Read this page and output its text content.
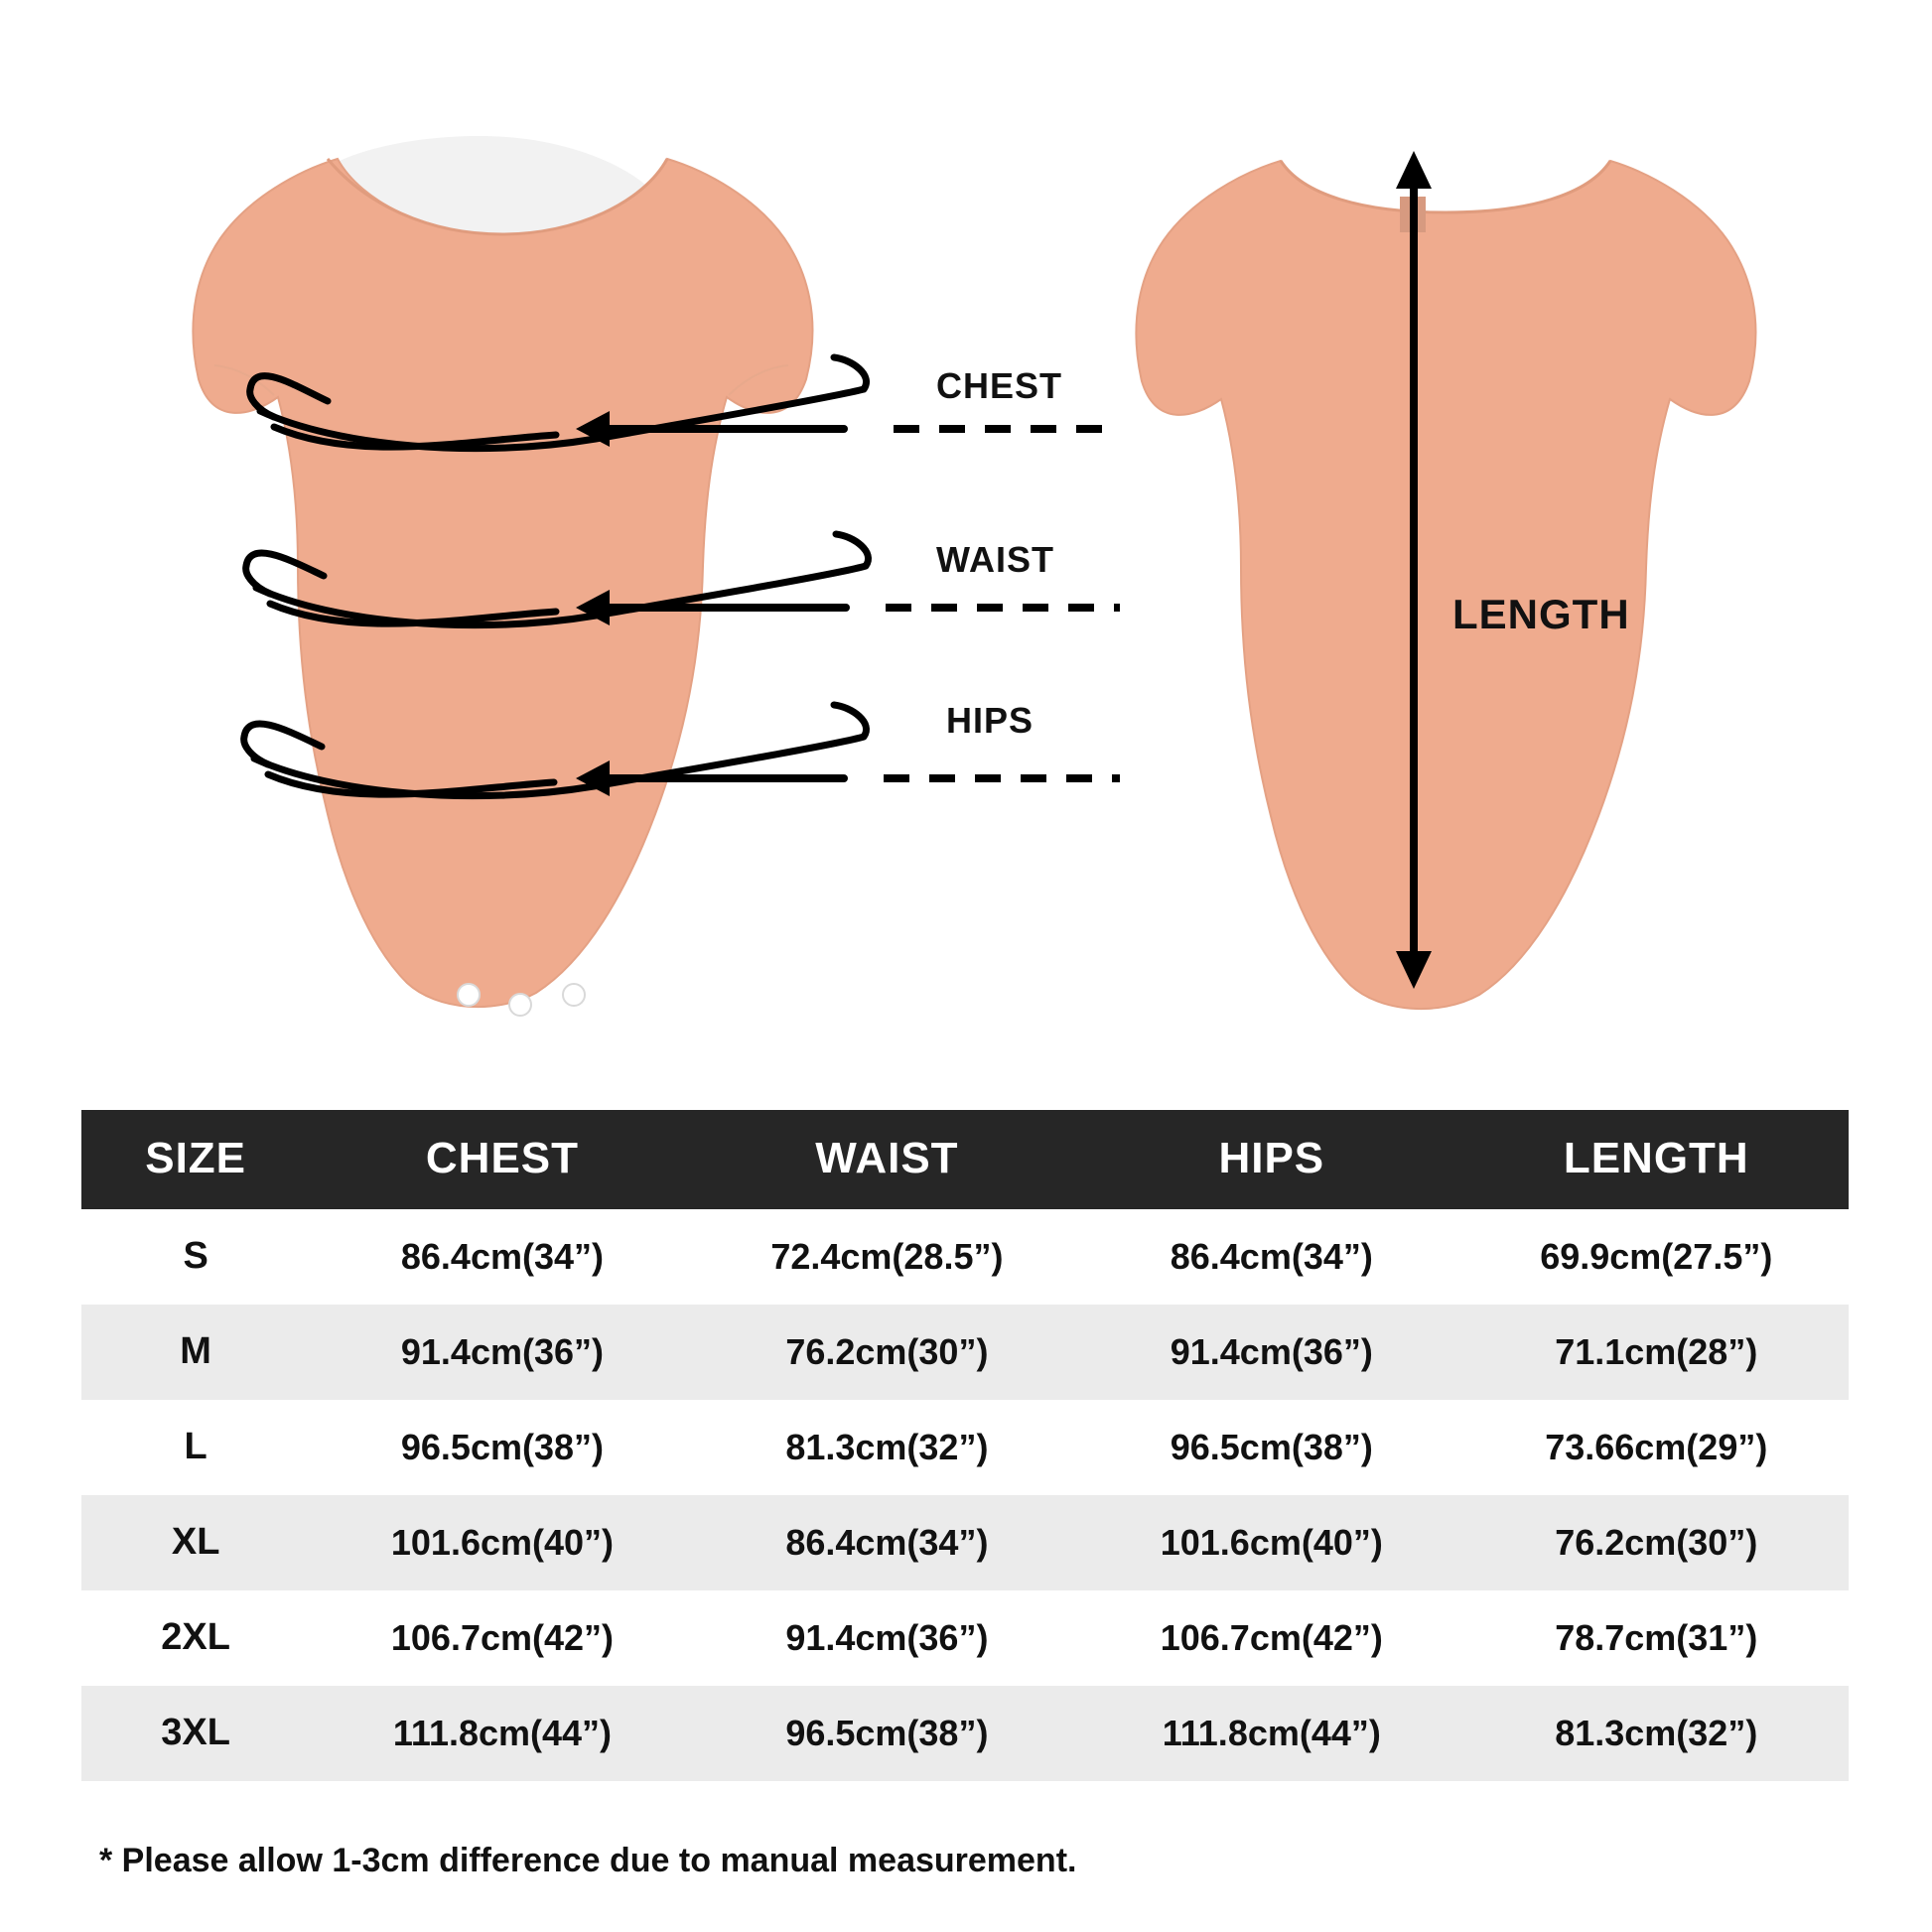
CHEST
WAIST
HIPS
LENGTH
SIZE	CHEST	WAIST	HIPS	LENGTH
S	86.4cm(34”)	72.4cm(28.5”)	86.4cm(34”)	69.9cm(27.5”)
M	91.4cm(36”)	76.2cm(30”)	91.4cm(36”)	71.1cm(28”)
L	96.5cm(38”)	81.3cm(32”)	96.5cm(38”)	73.66cm(29”)
XL	101.6cm(40”)	86.4cm(34”)	101.6cm(40”)	76.2cm(30”)
2XL	106.7cm(42”)	91.4cm(36”)	106.7cm(42”)	78.7cm(31”)
3XL	111.8cm(44”)	96.5cm(38”)	111.8cm(44”)	81.3cm(32”)
* Please allow 1-3cm difference due to manual measurement.
